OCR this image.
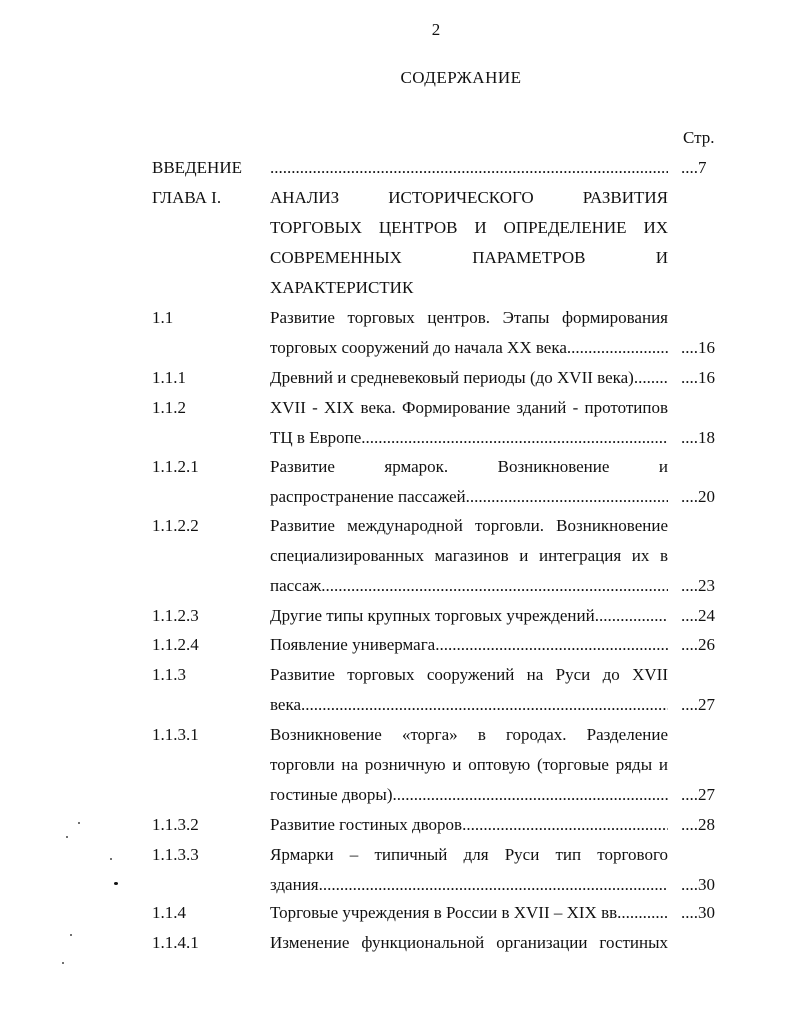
2
СОДЕРЖАНИЕ
Стр.
ВВЕДЕНИЕ .....	....7
ГЛАВА I.	АНАЛИЗ ИСТОРИЧЕСКОГО РАЗВИТИЯ
ТОРГОВЫХ ЦЕНТРОВ И ОПРЕДЕЛЕНИЕ ИХ
СОВРЕМЕННЫХ ПАРАМЕТРОВ И
ХАРАКТЕРИСТИК
1.1	Развитие торговых центров. Этапы формирования
торговых сооружений до начала XX века .....	....16
1.1.1	Древний и средневековый периоды (до XVII века) .....	....16
1.1.2	XVII - XIX века. Формирование зданий - прототипов
ТЦ в Европе .....	....18
1.1.2.1	Развитие ярмарок. Возникновение и
распространение пассажей .....	....20
1.1.2.2	Развитие международной торговли. Возникновение
специализированных магазинов и интеграция их в
пассаж .....	....23
1.1.2.3	Другие типы крупных торговых учреждений .....	....24
1.1.2.4	Появление универмага .....	....26
1.1.3	Развитие торговых сооружений на Руси до XVII
века .....	....27
1.1.3.1	Возникновение «торга» в городах. Разделение
торговли на розничную и оптовую (торговые ряды и
гостиные дворы) .....	....27
1.1.3.2	Развитие гостиных дворов .....	....28
1.1.3.3	Ярмарки – типичный для Руси тип торгового
здания .....	....30
1.1.4	Торговые учреждения в России в XVII – XIX вв .....	....30
1.1.4.1	Изменение функциональной организации гостиных
